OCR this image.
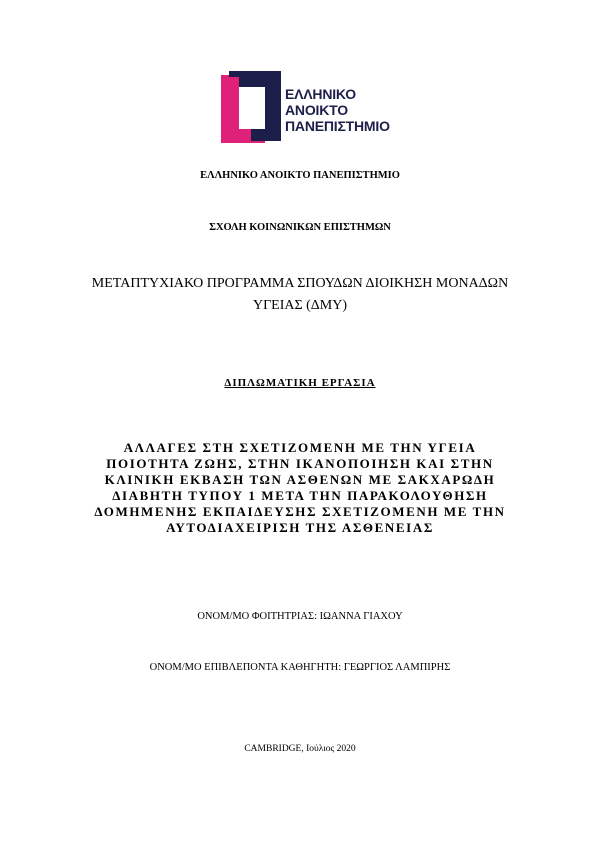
ΕΛΛΗΝΙΚΟ
ΑΝΟΙΚΤΟ
ΠΑΝΕΠΙΣΤΗΜΙΟ
ΕΛΛΗΝΙΚΟ ΑΝΟΙΚΤΟ ΠΑΝΕΠΙΣΤΗΜΙΟ
ΣΧΟΛΗ ΚΟΙΝΩΝΙΚΩΝ ΕΠΙΣΤΗΜΩΝ
ΜΕΤΑΠΤΥΧΙΑΚΟ ΠΡΟΓΡΑΜΜΑ ΣΠΟΥΔΩΝ ΔΙΟΙΚΗΣΗ ΜΟΝΑΔΩΝ
ΥΓΕΙΑΣ (ΔΜΥ)
ΔΙΠΛΩΜΑΤΙΚΗ ΕΡΓΑΣΙΑ
ΑΛΛΑΓΕΣ ΣΤΗ ΣΧΕΤΙΖΟΜΕΝΗ ΜΕ ΤΗΝ ΥΓΕΙΑ
ΠΟΙΟΤΗΤΑ ΖΩΗΣ, ΣΤΗΝ ΙΚΑΝΟΠΟΙΗΣΗ ΚΑΙ ΣΤΗΝ
ΚΛΙΝΙΚΗ ΕΚΒΑΣΗ ΤΩΝ ΑΣΘΕΝΩΝ ΜΕ ΣΑΚΧΑΡΩΔΗ
ΔΙΑΒΗΤΗ ΤΥΠΟΥ 1 ΜΕΤΑ ΤΗΝ ΠΑΡΑΚΟΛΟΥΘΗΣΗ
ΔΟΜΗΜΕΝΗΣ ΕΚΠΑΙΔΕΥΣΗΣ ΣΧΕΤΙΖΟΜΕΝΗ ΜΕ ΤΗΝ
ΑΥΤΟΔΙΑΧΕΙΡΙΣΗ ΤΗΣ ΑΣΘΕΝΕΙΑΣ
ΟΝΟΜ/ΜΟ ΦΟΙΤΗΤΡΙΑΣ: ΙΩΑΝΝΑ ΓΙΑΧΟΥ
ΟΝΟΜ/ΜΟ ΕΠΙΒΛΕΠΟΝΤΑ ΚΑΘΗΓΗΤΗ: ΓΕΩΡΓΙΟΣ ΛΑΜΠΙΡΗΣ
CAMBRIDGE, Ιούλιος 2020
